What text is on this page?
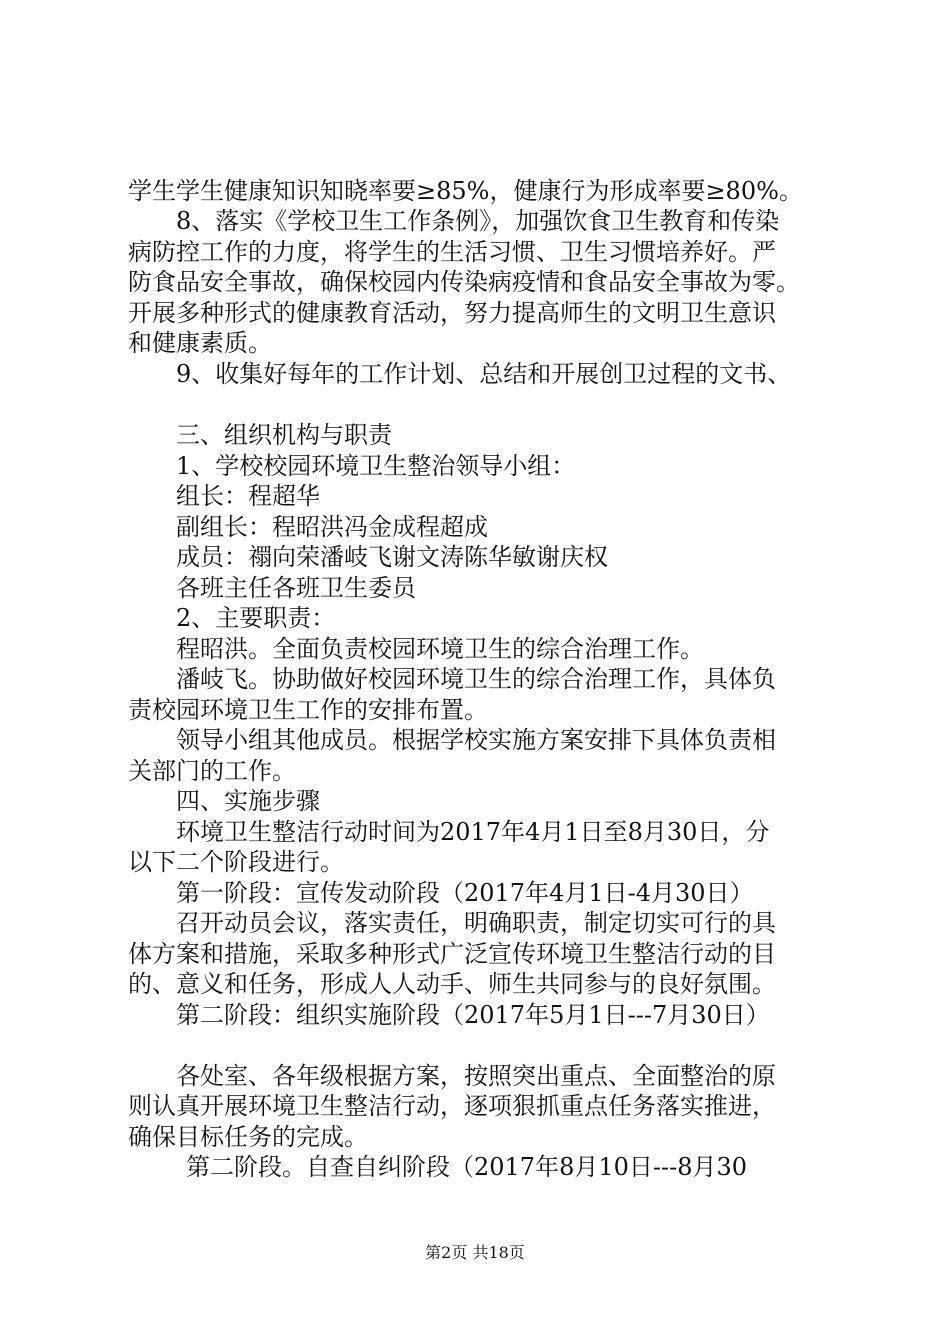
学生学生健康知识知晓率要≥85%，健康行为形成率要≥80%。
8、落实《学校卫生工作条例》，加强饮食卫生教育和传染
病防控工作的力度，将学生的生活习惯、卫生习惯培养好。严
防食品安全事故，确保校园内传染病疫情和食品安全事故为零。
开展多种形式的健康教育活动，努力提高师生的文明卫生意识
和健康素质。
9、收集好每年的工作计划、总结和开展创卫过程的文书、
三、组织机构与职责
1、学校校园环境卫生整治领导小组：
组长：程超华
副组长：程昭洪冯金成程超成
成员：禤向荣潘岐飞谢文涛陈华敏谢庆权
各班主任各班卫生委员
2、主要职责：
程昭洪。全面负责校园环境卫生的综合治理工作。
潘岐飞。协助做好校园环境卫生的综合治理工作，具体负
责校园环境卫生工作的安排布置。
领导小组其他成员。根据学校实施方案安排下具体负责相
关部门的工作。
四、实施步骤
环境卫生整洁行动时间为2017年4月1日至8月30日，分
以下二个阶段进行。
第一阶段：宣传发动阶段（2017年4月1日-4月30日）
召开动员会议，落实责任，明确职责，制定切实可行的具
体方案和措施，采取多种形式广泛宣传环境卫生整洁行动的目
的、意义和任务，形成人人动手、师生共同参与的良好氛围。
第二阶段：组织实施阶段（2017年5月1日---7月30日）
各处室、各年级根据方案，按照突出重点、全面整治的原
则认真开展环境卫生整洁行动，逐项狠抓重点任务落实推进，
确保目标任务的完成。
第二阶段。自查自纠阶段（2017年8月10日---8月30
第2页 共18页
